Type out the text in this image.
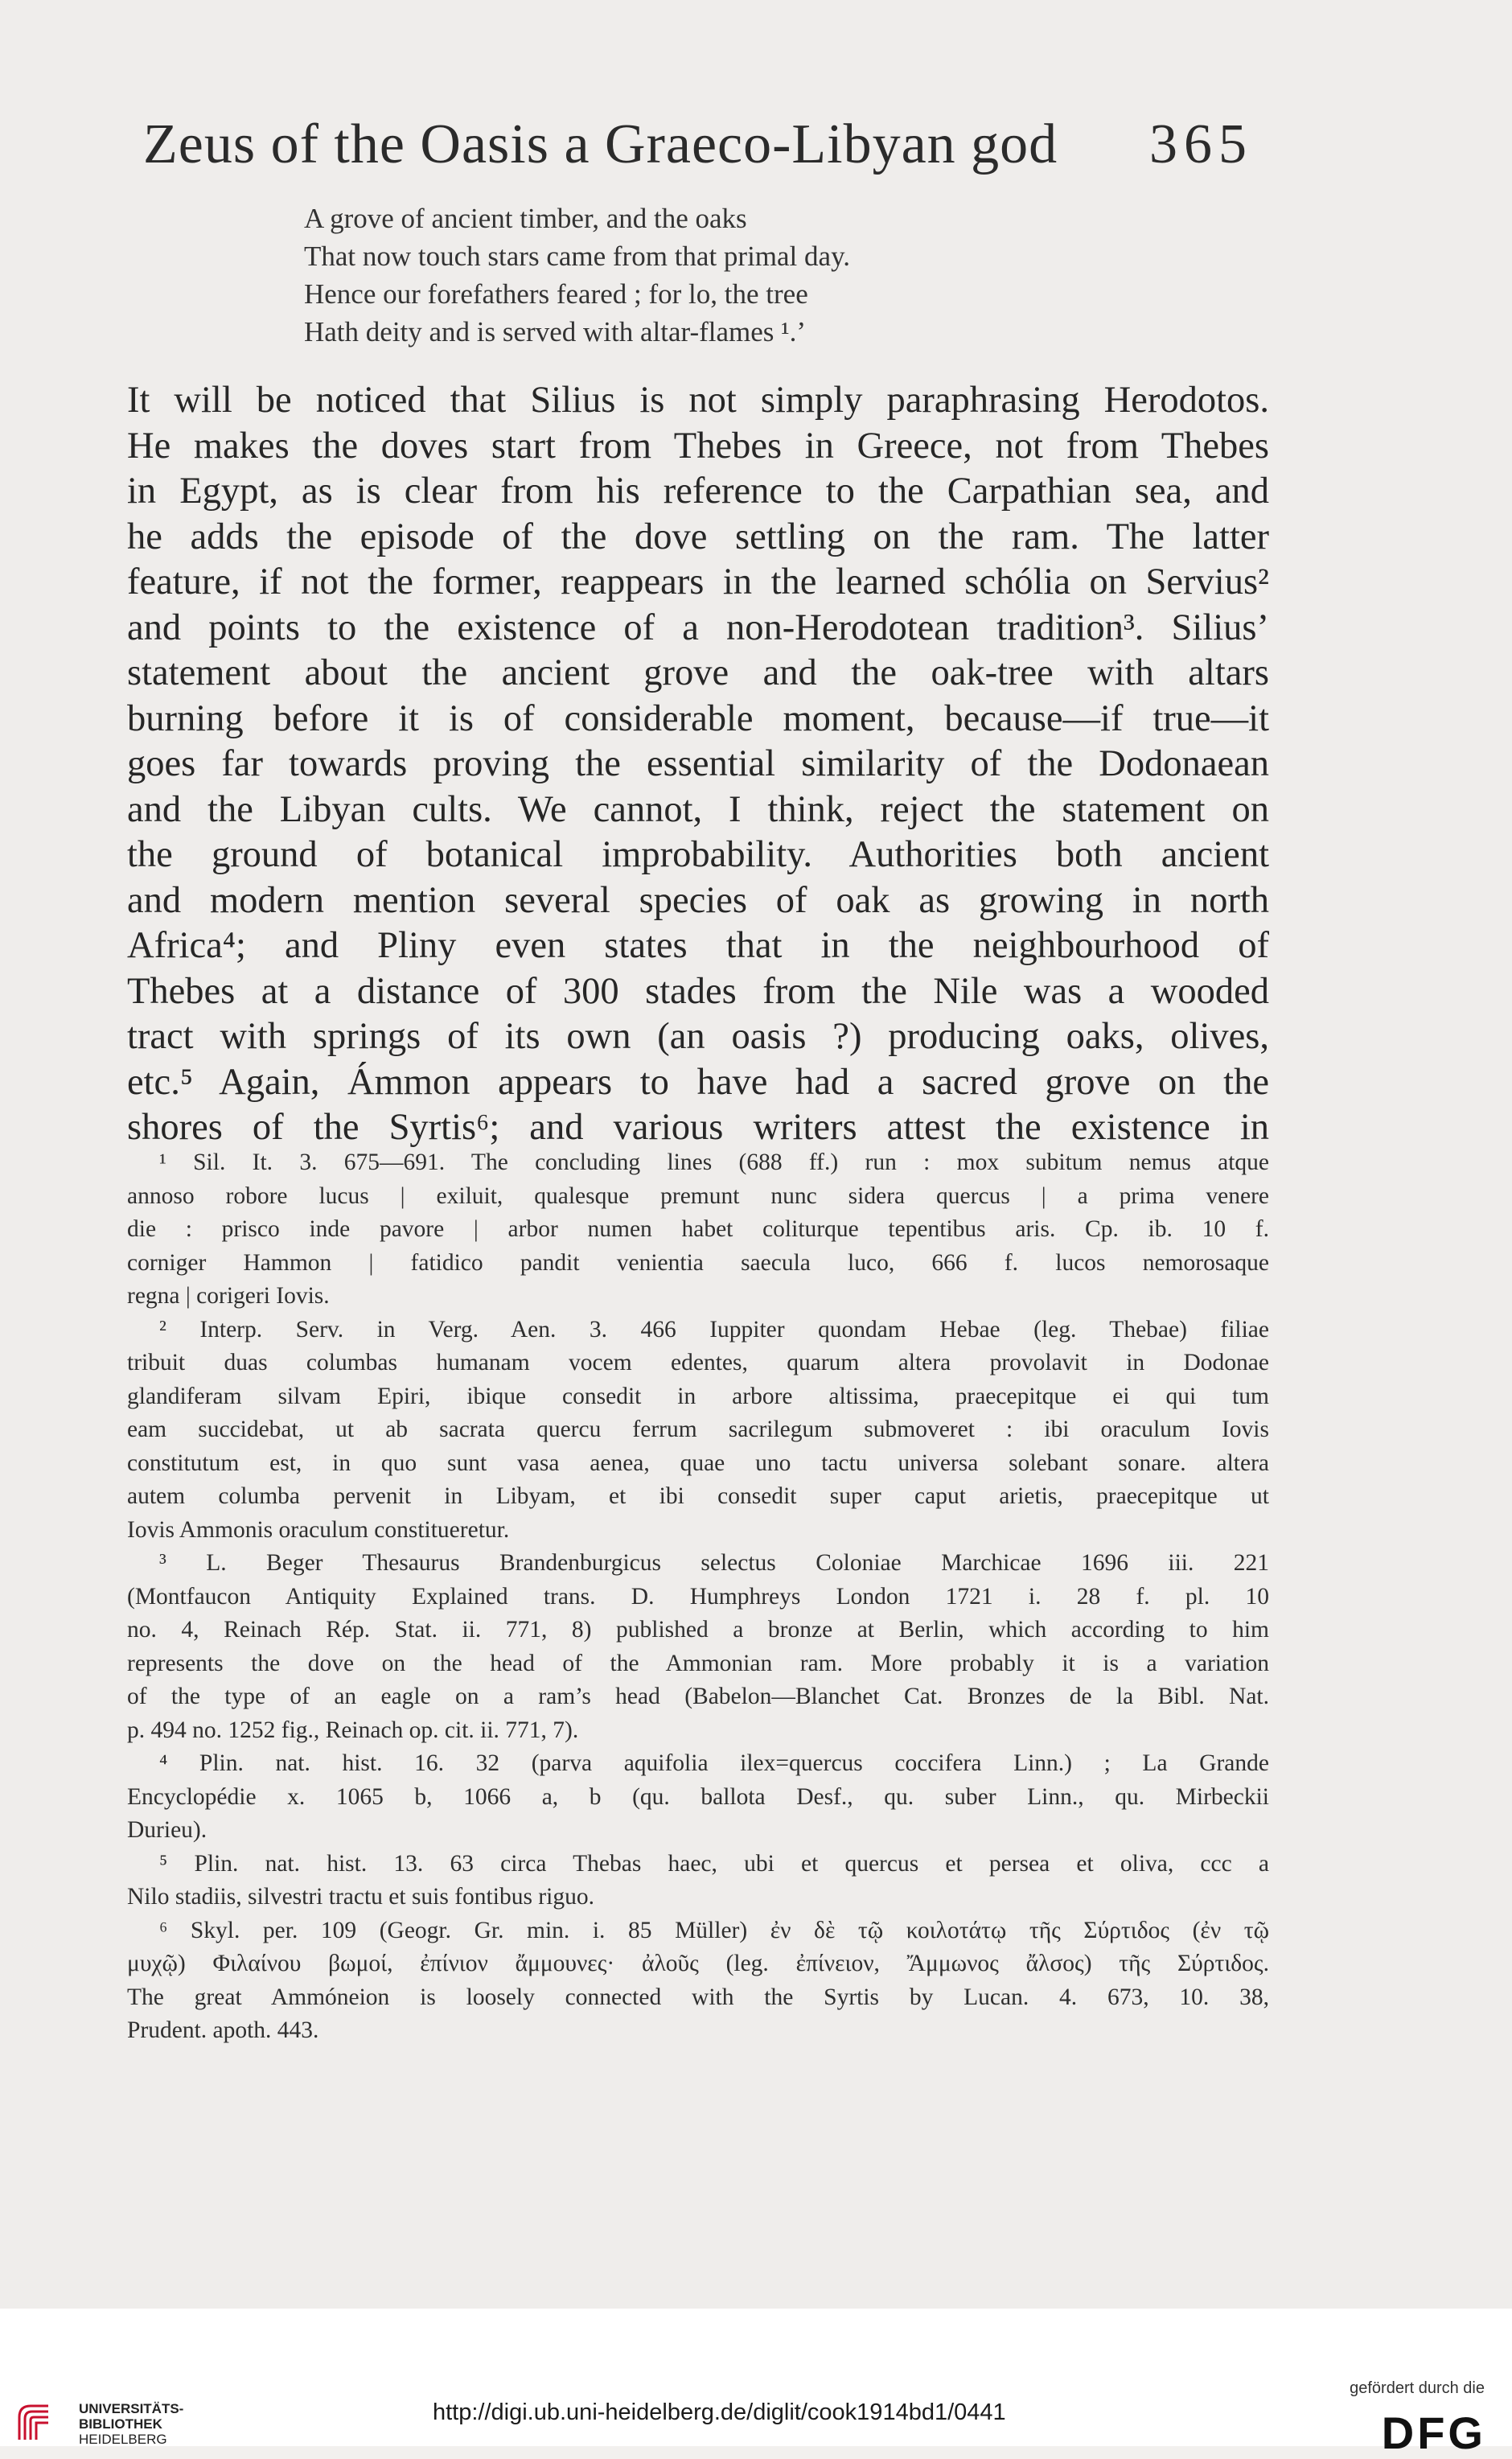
Zeus of the Oasis a Graeco-Libyan god 365
A grove of ancient timber, and the oaks
That now touch stars came from that primal day.
Hence our forefathers feared ; for lo, the tree
Hath deity and is served with altar-flames ¹.’
It will be noticed that Silius is not simply paraphrasing Herodotos.
He makes the doves start from Thebes in Greece, not from Thebes
in Egypt, as is clear from his reference to the Carpathian sea, and
he adds the episode of the dove settling on the ram. The latter
feature, if not the former, reappears in the learned schólia on Servius²
and points to the existence of a non-Herodotean tradition³. Silius’
statement about the ancient grove and the oak-tree with altars
burning before it is of considerable moment, because—if true—it
goes far towards proving the essential similarity of the Dodonaean
and the Libyan cults. We cannot, I think, reject the statement on
the ground of botanical improbability. Authorities both ancient
and modern mention several species of oak as growing in north
Africa⁴; and Pliny even states that in the neighbourhood of
Thebes at a distance of 300 stades from the Nile was a wooded
tract with springs of its own (an oasis ?) producing oaks, olives,
etc.⁵ Again, Ámmon appears to have had a sacred grove on the
shores of the Syrtis⁶; and various writers attest the existence in
¹ Sil. It. 3. 675—691. The concluding lines (688 ff.) run : mox subitum nemus atque
annoso robore lucus | exiluit, qualesque premunt nunc sidera quercus | a prima venere
die : prisco inde pavore | arbor numen habet coliturque tepentibus aris. Cp. ib. 10 f.
corniger Hammon | fatidico pandit venientia saecula luco, 666 f. lucos nemorosaque
regna | corigeri Iovis.
² Interp. Serv. in Verg. Aen. 3. 466 Iuppiter quondam Hebae (leg. Thebae) filiae
tribuit duas columbas humanam vocem edentes, quarum altera provolavit in Dodonae
glandiferam silvam Epiri, ibique consedit in arbore altissima, praecepitque ei qui tum
eam succidebat, ut ab sacrata quercu ferrum sacrilegum submoveret : ibi oraculum Iovis
constitutum est, in quo sunt vasa aenea, quae uno tactu universa solebant sonare. altera
autem columba pervenit in Libyam, et ibi consedit super caput arietis, praecepitque ut
Iovis Ammonis oraculum constitueretur.
³ L. Beger Thesaurus Brandenburgicus selectus Coloniae Marchicae 1696 iii. 221
(Montfaucon Antiquity Explained trans. D. Humphreys London 1721 i. 28 f. pl. 10
no. 4, Reinach Rép. Stat. ii. 771, 8) published a bronze at Berlin, which according to him
represents the dove on the head of the Ammonian ram. More probably it is a variation
of the type of an eagle on a ram’s head (Babelon—Blanchet Cat. Bronzes de la Bibl. Nat.
p. 494 no. 1252 fig., Reinach op. cit. ii. 771, 7).
⁴ Plin. nat. hist. 16. 32 (parva aquifolia ilex=quercus coccifera Linn.) ; La Grande
Encyclopédie x. 1065 b, 1066 a, b (qu. ballota Desf., qu. suber Linn., qu. Mirbeckii
Durieu).
⁵ Plin. nat. hist. 13. 63 circa Thebas haec, ubi et quercus et persea et oliva, ccc a
Nilo stadiis, silvestri tractu et suis fontibus riguo.
⁶ Skyl. per. 109 (Geogr. Gr. min. i. 85 Müller) ἐν δὲ τῷ κοιλοτάτῳ τῆς Σύρτιδος (ἐν τῷ
μυχῷ) Φιλαίνου βωμοί, ἐπίνιον ἄμμουνες· ἀλοῦς (leg. ἐπίνειον, Ἄμμωνος ἄλσος) τῆς Σύρτιδος.
The great Ammóneion is loosely connected with the Syrtis by Lucan. 4. 673, 10. 38,
Prudent. apoth. 443.
UNIVERSITÄTS-
BIBLIOTHEK
HEIDELBERG
http://digi.ub.uni-heidelberg.de/diglit/cook1914bd1/0441
gefördert durch die
DFG
